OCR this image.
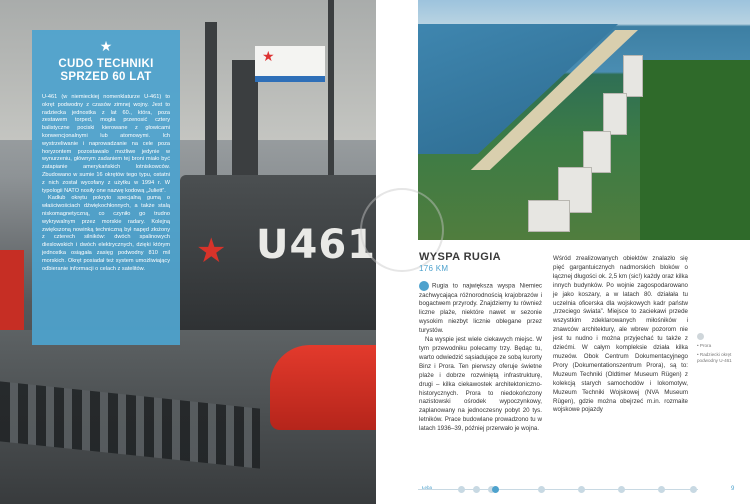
★
★ U461
★
CUDO TECHNIKI SPRZED 60 LAT

U-461 (w niemieckiej nomenklaturze U-461) to okręt podwodny z czasów zimnej wojny. Jest to radziecka jednostka z lat 60., która, poza zestawem torped, mogła przenosić cztery balistyczne pociski kierowane z głowicami konwencjonalnymi lub atomowymi. Ich wystrzeliwanie i naprowadzanie na cele poza horyzontem pozostawało możliwe jedynie w wynurzeniu, głównym zadaniem tej broni miało być zatapianie amerykańskich lotniskowców. Zbudowano w sumie 16 okrętów tego typu, ostatni z nich został wycofany z użytku w 1994 r. W typologii NATO nosiły one nazwę kodową „Juliett”.

Kadłub okrętu pokryto specjalną gumą o właściwościach dźwiękochłonnych, a także stalą niskomagnetyczną, co czyniło go trudno wykrywalnym przez morskie radary. Kolejną zwiększoną nowinką techniczną był napęd złożony z czterech silników: dwóch spalinowych dieslowskich i dwóch elektrycznych, dzięki którym jednostka osiągała zasięg podwodny 810 mil morskich. Okręt posiadał też system umożliwiający odbieranie informacji o celach z satelitów.

WYSPA RUGIA

176 KM

Rugia to największa wyspa Niemiec zachwycająca różnorodnością krajobrazów i bogactwem przyrody. Znajdziemy tu również liczne plaże, niektóre nawet w sezonie wysokim niezbyt licznie oblegane przez turystów.

Na wyspie jest wiele ciekawych miejsc. W tym przewodniku polecamy trzy. Będąc tu, warto odwiedzić sąsiadujące ze sobą kurorty Binz i Prora. Ten pierwszy oferuje świetne plaże i dobrze rozwiniętą infrastrukturę, drugi – kilka ciekawostek architektoniczno-historycznych. Prora to niedokończony nazistowski ośrodek wypoczynkowy, zaplanowany na jednoczesny pobyt 20 tys. letników. Prace budowlane prowadzono tu w latach 1936–39, później przerwało je wojna.

Wśród zrealizowanych obiektów znalazło się pięć gargantuicznych nadmorskich bloków o łącznej długości ok. 2,5 km (sic!) każdy oraz kilka innych budynków. Po wojnie zagospodarowano je jako koszary, a w latach 80. działała tu uczelnia oficerska dla wojskowych kadr państw „trzeciego świata”. Miejsce to zaciekawi przede wszystkim zdeklarowanych miłośników i znawców architektury, ale wbrew pozorom nie jest tu nudno i można przyjechać tu także z dziećmi. W całym kompleksie działa kilka muzeów. Obok Centrum Dokumentacyjnego Prory (Dokumentationszentrum Prora), są to: Muzeum Techniki (Oldtimer Museum Rügen) z kolekcją starych samochodów i lokomotyw, Muzeum Techniki Wojskowej (NVA Museum Rügen), gdzie można obejrzeć m.in. rozmaite wojskowe pojazdy

• Prora
• Radziecki okręt podwodny U-461
Łeba	9
